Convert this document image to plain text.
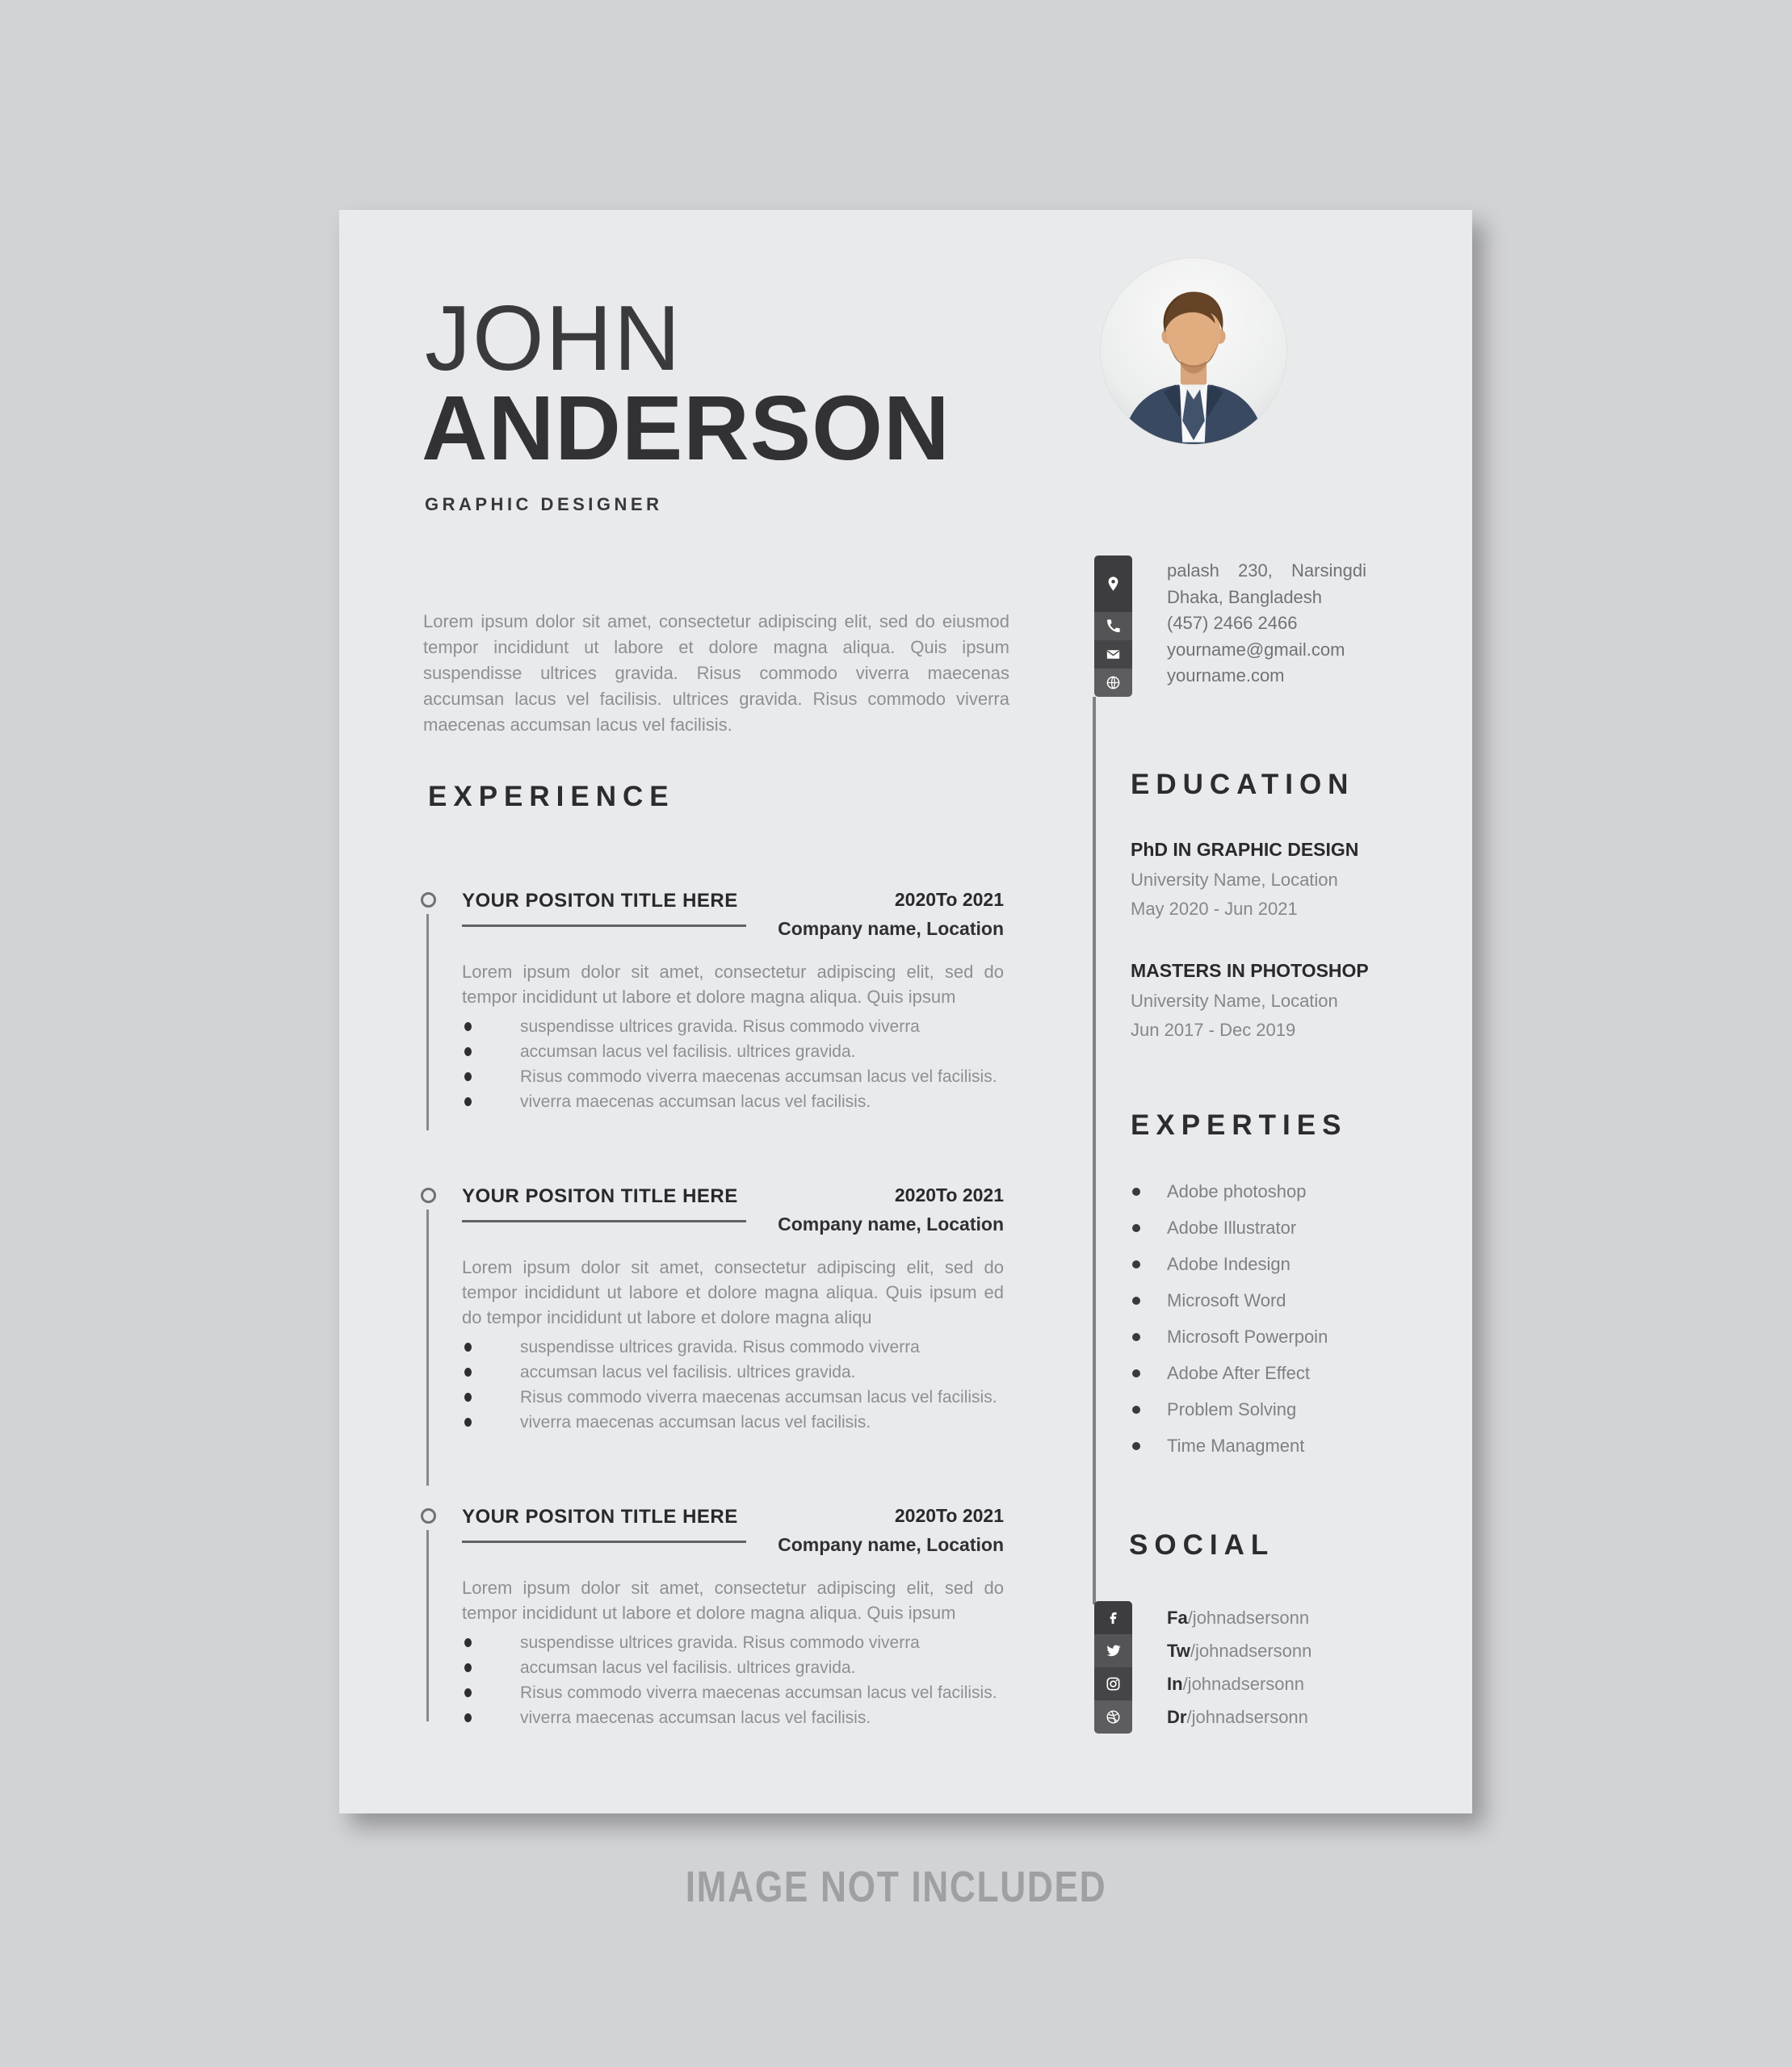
JOHN
ANDERSON
GRAPHIC DESIGNER

Lorem ipsum dolor sit amet, consectetur adipiscing elit, sed do eiusmod tempor incididunt ut labore et dolore magna aliqua. Quis ipsum suspendisse ultrices gravida. Risus commodo viverra maecenas accumsan lacus vel facilisis. ultrices gravida. Risus commodo viverra maecenas accumsan lacus vel facilisis.

palash 230, Narsingdi
Dhaka, Bangladesh
(457) 2466 2466
yourname@gmail.com
yourname.com
EXPERIENCE
YOUR POSITON TITLE HERE	2020To 2021
Company name, Location

Lorem ipsum dolor sit amet, consectetur adipiscing elit, sed do tempor incididunt ut labore et dolore magna aliqua. Quis ipsum

suspendisse ultrices gravida. Risus commodo viverra
accumsan lacus vel facilisis. ultrices gravida.
Risus commodo viverra maecenas accumsan lacus vel facilisis.
viverra maecenas accumsan lacus vel facilisis.
YOUR POSITON TITLE HERE	2020To 2021
Company name, Location

Lorem ipsum dolor sit amet, consectetur adipiscing elit, sed do tempor incididunt ut labore et dolore magna aliqua. Quis ipsum ed do tempor incididunt ut labore et dolore magna aliqu

suspendisse ultrices gravida. Risus commodo viverra
accumsan lacus vel facilisis. ultrices gravida.
Risus commodo viverra maecenas accumsan lacus vel facilisis.
viverra maecenas accumsan lacus vel facilisis.
YOUR POSITON TITLE HERE	2020To 2021
Company name, Location

Lorem ipsum dolor sit amet, consectetur adipiscing elit, sed do tempor incididunt ut labore et dolore magna aliqua. Quis ipsum

suspendisse ultrices gravida. Risus commodo viverra
accumsan lacus vel facilisis. ultrices gravida.
Risus commodo viverra maecenas accumsan lacus vel facilisis.
viverra maecenas accumsan lacus vel facilisis.
EDUCATION
PhD IN GRAPHIC DESIGN
University Name, Location
May 2020 - Jun 2021
MASTERS IN PHOTOSHOP
University Name, Location
Jun 2017 - Dec 2019
EXPERTIES
Adobe photoshop
Adobe Illustrator
Adobe Indesign
Microsoft Word
Microsoft Powerpoin
Adobe After Effect
Problem Solving
Time Managment
SOCIAL
Fa /johnadsersonn
Tw /johnadsersonn
In /johnadsersonn
Dr /johnadsersonn
IMAGE NOT INCLUDED
